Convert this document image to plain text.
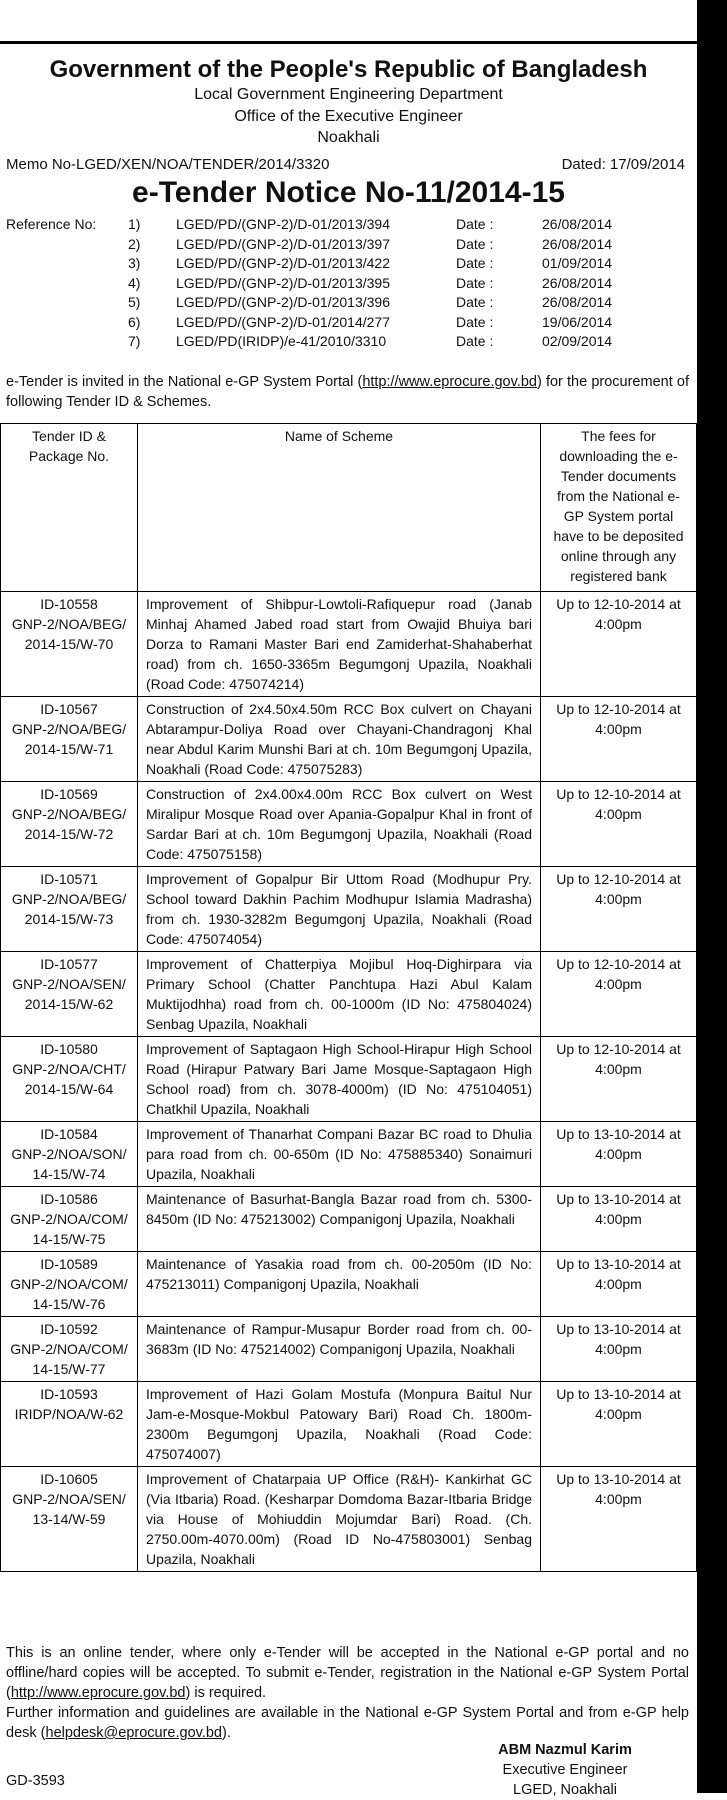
Government of the People's Republic of Bangladesh
Local Government Engineering Department
Office of the Executive Engineer
Noakhali
Memo No-LGED/XEN/NOA/TENDER/2014/3320	Dated: 17/09/2014
e-Tender Notice No-11/2014-15
Reference No: 1)	LGED/PD/(GNP-2)/D-01/2013/394	Date :	26/08/2014
2)	LGED/PD/(GNP-2)/D-01/2013/397	Date :	26/08/2014
3)	LGED/PD/(GNP-2)/D-01/2013/422	Date :	01/09/2014
4)	LGED/PD/(GNP-2)/D-01/2013/395	Date :	26/08/2014
5)	LGED/PD/(GNP-2)/D-01/2013/396	Date :	26/08/2014
6)	LGED/PD/(GNP-2)/D-01/2014/277	Date :	19/06/2014
7)	LGED/PD(IRIDP)/e-41/2010/3310	Date :	02/09/2014
e-Tender is invited in the National e-GP System Portal (http://www.eprocure.gov.bd) for the procurement of following Tender ID & Schemes.
Tender ID & Package No.	Name of Scheme	The fees for downloading the e-Tender documents from the National e-GP System portal have to be deposited online through any registered bank
ID-10558
GNP-2/NOA/BEG/ 2014-15/W-70	Improvement of Shibpur-Lowtoli-Rafiquepur road (Janab Minhaj Ahamed Jabed road start from Owajid Bhuiya bari Dorza to Ramani Master Bari end Zamiderhat-Shahaberhat road) from ch. 1650-3365m Begumgonj Upazila, Noakhali (Road Code: 475074214)	Up to 12-10-2014 at 4:00pm
ID-10567
GNP-2/NOA/BEG/ 2014-15/W-71	Construction of 2x4.50x4.50m RCC Box culvert on Chayani Abtarampur-Doliya Road over Chayani-Chandragonj Khal near Abdul Karim Munshi Bari at ch. 10m Begumgonj Upazila, Noakhali (Road Code: 475075283)	Up to 12-10-2014 at 4:00pm
ID-10569
GNP-2/NOA/BEG/ 2014-15/W-72	Construction of 2x4.00x4.00m RCC Box culvert on West Miralipur Mosque Road over Apania-Gopalpur Khal in front of Sardar Bari at ch. 10m Begumgonj Upazila, Noakhali (Road Code: 475075158)	Up to 12-10-2014 at 4:00pm
ID-10571
GNP-2/NOA/BEG/ 2014-15/W-73	Improvement of Gopalpur Bir Uttom Road (Modhupur Pry. School toward Dakhin Pachim Modhupur Islamia Madrasha) from ch. 1930-3282m Begumgonj Upazila, Noakhali (Road Code: 475074054)	Up to 12-10-2014 at 4:00pm
ID-10577
GNP-2/NOA/SEN/ 2014-15/W-62	Improvement of Chatterpiya Mojibul Hoq-Dighirpara via Primary School (Chatter Panchtupa Hazi Abul Kalam Muktijodhha) road from ch. 00-1000m (ID No: 475804024) Senbag Upazila, Noakhali	Up to 12-10-2014 at 4:00pm
ID-10580
GNP-2/NOA/CHT/ 2014-15/W-64	Improvement of Saptagaon High School-Hirapur High School Road (Hirapur Patwary Bari Jame Mosque-Saptagaon High School road) from ch. 3078-4000m) (ID No: 475104051) Chatkhil Upazila, Noakhali	Up to 12-10-2014 at 4:00pm
ID-10584
GNP-2/NOA/SON/ 14-15/W-74	Improvement of Thanarhat Compani Bazar BC road to Dhulia para road from ch. 00-650m (ID No: 475885340) Sonaimuri Upazila, Noakhali	Up to 13-10-2014 at 4:00pm
ID-10586
GNP-2/NOA/COM/ 14-15/W-75	Maintenance of Basurhat-Bangla Bazar road from ch. 5300-8450m (ID No: 475213002) Companigonj Upazila, Noakhali	Up to 13-10-2014 at 4:00pm
ID-10589
GNP-2/NOA/COM/ 14-15/W-76	Maintenance of Yasakia road from ch. 00-2050m (ID No: 475213011) Companigonj Upazila, Noakhali	Up to 13-10-2014 at 4:00pm
ID-10592
GNP-2/NOA/COM/ 14-15/W-77	Maintenance of Rampur-Musapur Border road from ch. 00-3683m (ID No: 475214002) Companigonj Upazila, Noakhali	Up to 13-10-2014 at 4:00pm
ID-10593
IRIDP/NOA/W-62	Improvement of Hazi Golam Mostufa (Monpura Baitul Nur Jam-e-Mosque-Mokbul Patowary Bari) Road Ch. 1800m-2300m Begumgonj Upazila, Noakhali (Road Code: 475074007)	Up to 13-10-2014 at 4:00pm
ID-10605
GNP-2/NOA/SEN/ 13-14/W-59	Improvement of Chatarpaia UP Office (R&H)- Kankirhat GC (Via Itbaria) Road. (Kesharpar Domdoma Bazar-Itbaria Bridge via House of Mohiuddin Mojumdar Bari) Road. (Ch. 2750.00m-4070.00m) (Road ID No-475803001) Senbag Upazila, Noakhali	Up to 13-10-2014 at 4:00pm
This is an online tender, where only e-Tender will be accepted in the National e-GP portal and no offline/hard copies will be accepted. To submit e-Tender, registration in the National e-GP System Portal (http://www.eprocure.gov.bd) is required.
Further information and guidelines are available in the National e-GP System Portal and from e-GP help desk (helpdesk@eprocure.gov.bd).
ABM Nazmul Karim
Executive Engineer
LGED, Noakhali
GD-3593
